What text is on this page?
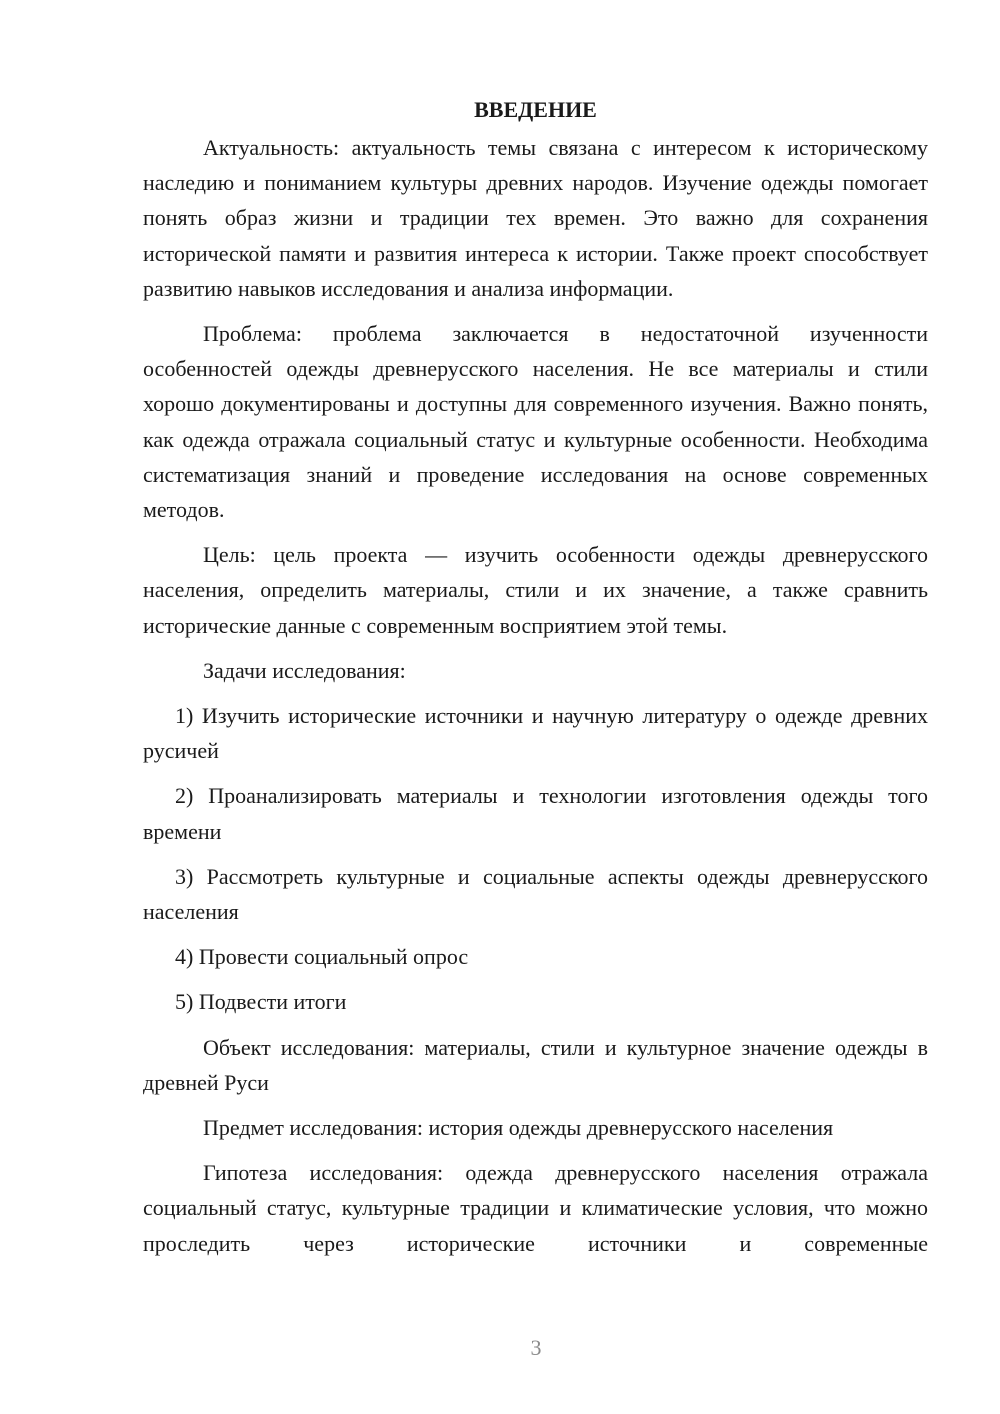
ВВЕДЕНИЕ

Актуальность: актуальность темы связана с интересом к историческому наследию и пониманием культуры древних народов. Изучение одежды помогает понять образ жизни и традиции тех времен. Это важно для сохранения исторической памяти и развития интереса к истории. Также проект способствует развитию навыков исследования и анализа информации.

Проблема: проблема заключается в недостаточной изученности особенностей одежды древнерусского населения. Не все материалы и стили хорошо документированы и доступны для современного изучения. Важно понять, как одежда отражала социальный статус и культурные особенности. Необходима систематизация знаний и проведение исследования на основе современных методов.

Цель: цель проекта — изучить особенности одежды древнерусского населения, определить материалы, стили и их значение, а также сравнить исторические данные с современным восприятием этой темы.

Задачи исследования:

1) Изучить исторические источники и научную литературу о одежде древних русичей

2) Проанализировать материалы и технологии изготовления одежды того времени

3) Рассмотреть культурные и социальные аспекты одежды древнерусского населения

4) Провести социальный опрос

5) Подвести итоги

Объект исследования: материалы, стили и культурное значение одежды в древней Руси

Предмет исследования: история одежды древнерусского населения

Гипотеза исследования: одежда древнерусского населения отражала социальный статус, культурные традиции и климатические условия, что можно проследить через исторические источники и современные

3
